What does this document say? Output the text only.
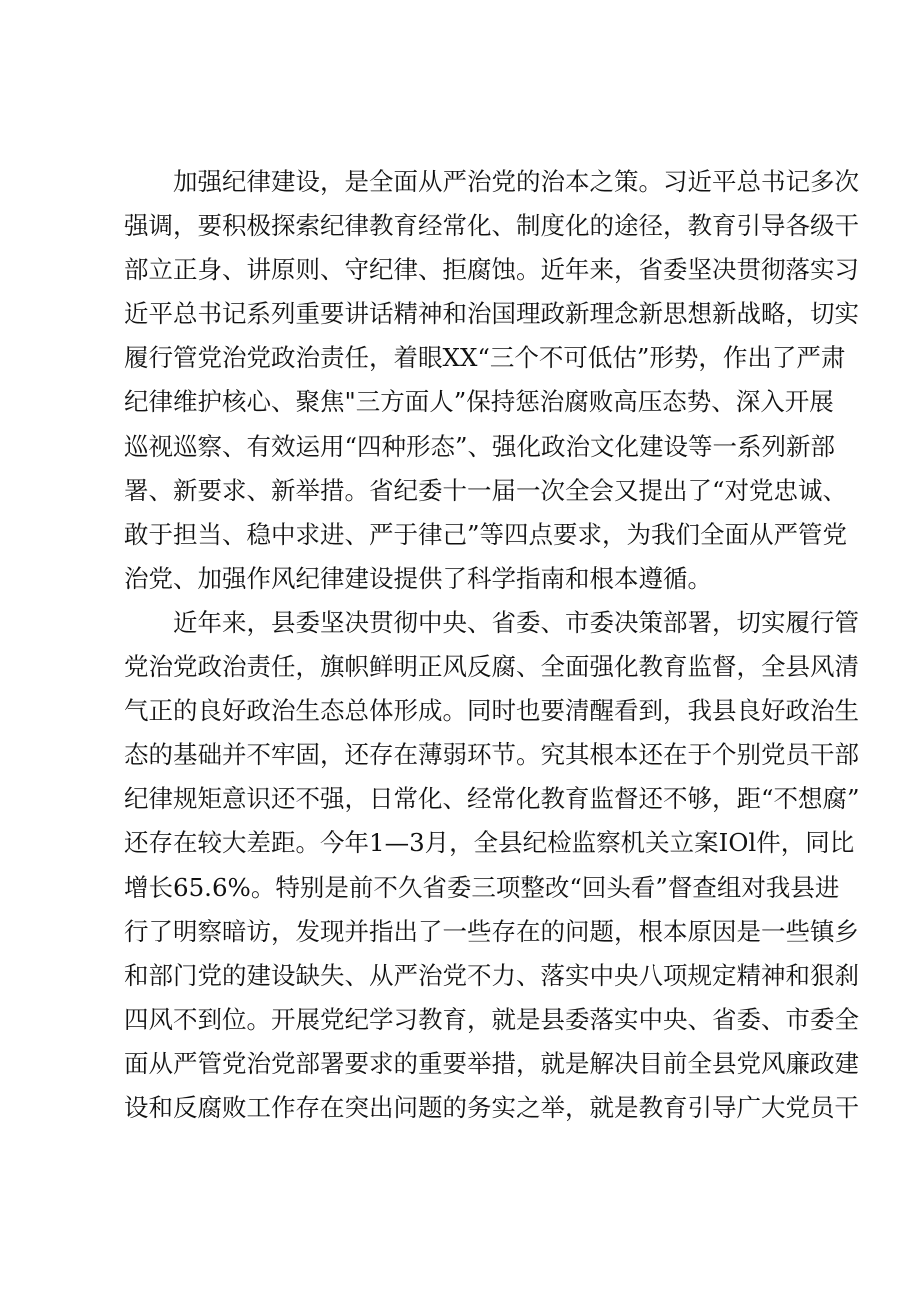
加强纪律建设，是全面从严治党的治本之策。习近平总书记多次
强调，要积极探索纪律教育经常化、制度化的途径，教育引导各级干
部立正身、讲原则、守纪律、拒腐蚀。近年来，省委坚决贯彻落实习
近平总书记系列重要讲话精神和治国理政新理念新思想新战略，切实
履行管党治党政治责任，着眼XX“三个不可低估”形势，作出了严肃
纪律维护核心、聚焦"三方面人”保持惩治腐败高压态势、深入开展
巡视巡察、有效运用“四种形态”、强化政治文化建设等一系列新部
署、新要求、新举措。省纪委十一届一次全会又提出了“对党忠诚、
敢于担当、稳中求进、严于律己”等四点要求，为我们全面从严管党
治党、加强作风纪律建设提供了科学指南和根本遵循。
近年来，县委坚决贯彻中央、省委、市委决策部署，切实履行管
党治党政治责任，旗帜鲜明正风反腐、全面强化教育监督，全县风清
气正的良好政治生态总体形成。同时也要清醒看到，我县良好政治生
态的基础并不牢固，还存在薄弱环节。究其根本还在于个别党员干部
纪律规矩意识还不强，日常化、经常化教育监督还不够，距“不想腐”
还存在较大差距。今年1—3月，全县纪检监察机关立案IOl件，同比
增长65.6%。特别是前不久省委三项整改“回头看”督查组对我县进
行了明察暗访，发现并指出了一些存在的问题，根本原因是一些镇乡
和部门党的建设缺失、从严治党不力、落实中央八项规定精神和狠刹
四风不到位。开展党纪学习教育，就是县委落实中央、省委、市委全
面从严管党治党部署要求的重要举措，就是解决目前全县党风廉政建
设和反腐败工作存在突出问题的务实之举，就是教育引导广大党员干
